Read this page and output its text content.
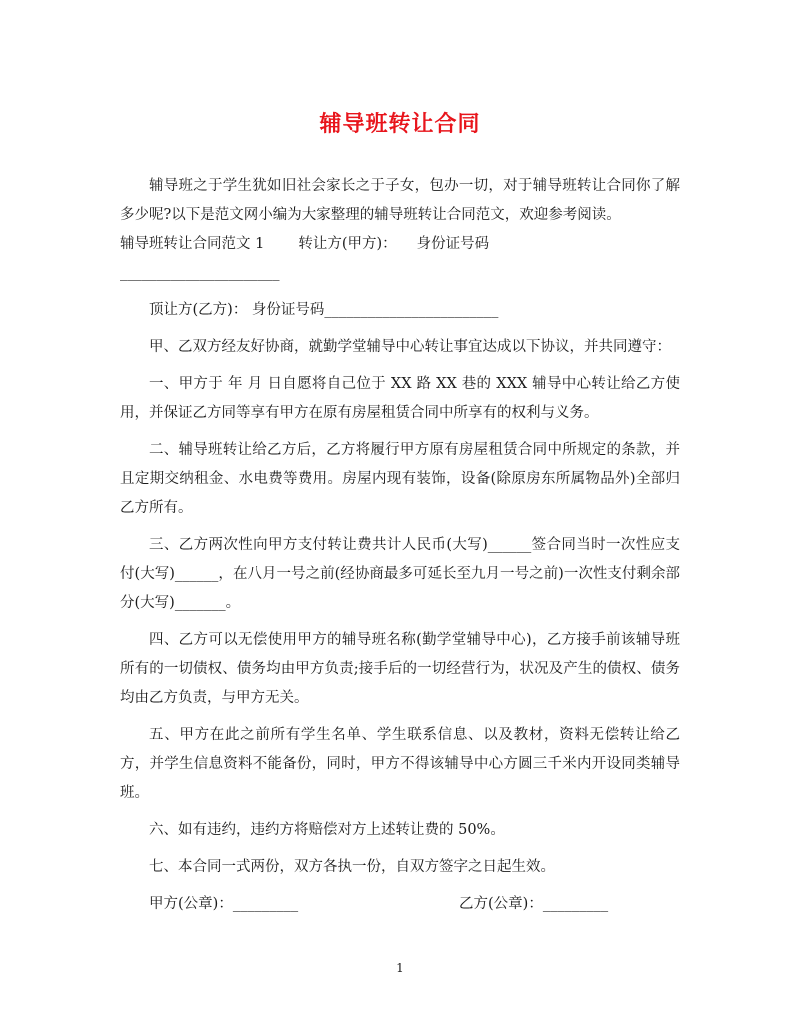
辅导班转让合同

辅导班之于学生犹如旧社会家长之于子女，包办一切，对于辅导班转让合同你了解多少呢?以下是范文网小编为大家整理的辅导班转让合同范文，欢迎参考阅读。

辅导班转让合同范文 1 转让方(甲方)： 身份证号码

______________________

顶让方(乙方)： 身份证号码________________________

甲、乙双方经友好协商，就勤学堂辅导中心转让事宜达成以下协议，并共同遵守：

一、甲方于 年 月 日自愿将自己位于 XX 路 XX 巷的 XXX 辅导中心转让给乙方使用，并保证乙方同等享有甲方在原有房屋租赁合同中所享有的权利与义务。

二、辅导班转让给乙方后，乙方将履行甲方原有房屋租赁合同中所规定的条款，并且定期交纳租金、水电费等费用。房屋内现有装饰，设备(除原房东所属物品外)全部归乙方所有。

三、乙方两次性向甲方支付转让费共计人民币(大写)______签合同当时一次性应支付(大写)______，在八月一号之前(经协商最多可延长至九月一号之前)一次性支付剩余部分(大写)_______。

四、乙方可以无偿使用甲方的辅导班名称(勤学堂辅导中心)，乙方接手前该辅导班所有的一切债权、债务均由甲方负责;接手后的一切经营行为，状况及产生的债权、债务均由乙方负责，与甲方无关。

五、甲方在此之前所有学生名单、学生联系信息、以及教材，资料无偿转让给乙方，并学生信息资料不能备份，同时，甲方不得该辅导中心方圆三千米内开设同类辅导班。

六、如有违约，违约方将赔偿对方上述转让费的 50%。

七、本合同一式两份，双方各执一份，自双方签字之日起生效。

甲方(公章)：_________	乙方(公章)：_________
1
